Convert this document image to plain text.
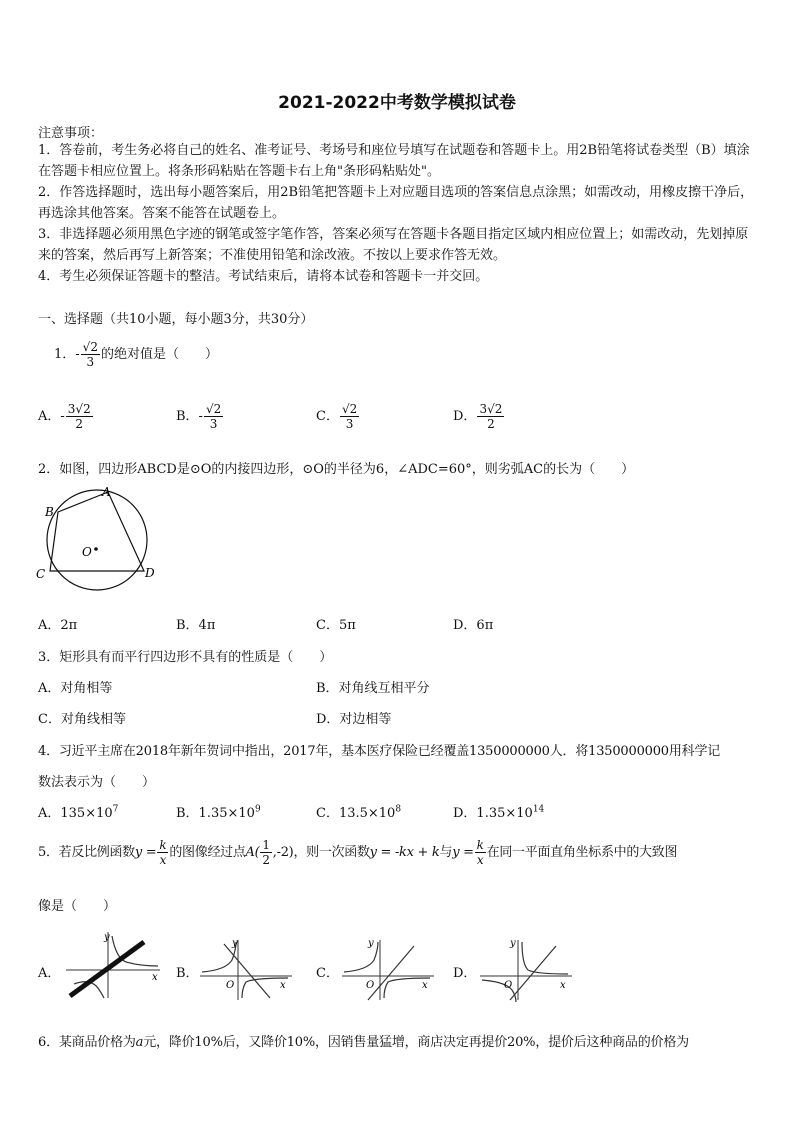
2021-2022中考数学模拟试卷
注意事项：
1．答卷前，考生务必将自己的姓名、准考证号、考场号和座位号填写在试题卷和答题卡上。用2B铅笔将试卷类型（B）填涂在答题卡相应位置上。将条形码粘贴在答题卡右上角"条形码粘贴处"。
2．作答选择题时，选出每小题答案后，用2B铅笔把答题卡上对应题目选项的答案信息点涂黑；如需改动，用橡皮擦干净后，再选涂其他答案。答案不能答在试题卷上。
3．非选择题必须用黑色字迹的钢笔或签字笔作答，答案必须写在答题卡各题目指定区域内相应位置上；如需改动，先划掉原来的答案，然后再写上新答案；不准使用铅笔和涂改液。不按以上要求作答无效。
4．考生必须保证答题卡的整洁。考试结束后，请将本试卷和答题卡一并交回。
一、选择题（共10小题，每小题3分，共30分）
1．- $\frac{√2}{3}$ 的绝对值是（　　）
A．- $\frac{3√2}{2}$	B．- $\frac{√2}{3}$	C． $\frac{√2}{3}$	D． $\frac{3√2}{2}$
2．如图，四边形ABCD是⊙O的内接四边形，⊙O的半径为6，∠ADC=60°，则劣弧AC的长为（　　）
A
B
C	D
O
A．2π	B．4π	C．5π	D．6π
3．矩形具有而平行四边形不具有的性质是（　　）
A．对角相等	B．对角线互相平分
C．对角线相等	D．对边相等
4．习近平主席在2018年新年贺词中指出，2017年，基本医疗保险已经覆盖1350000000人．将1350000000用科学记
数法表示为（　　）
A．$135\times 10^7$	B．$1.35\times 10^9$	C．$13.5\times 10^8$	D．$1.35\times 10^{14}$
5．若反比例函数$y = \frac{k}{x}$ 的图像经过点$A( \frac{1}{2} ,-2)$，则一次函数y = -kx + k与$y = \frac{k}{x}$ 在同一平面直角坐标系中的大致图
像是（　　）
A．
y
x B．
y
x
O
C．
y
x
O
D．
y
x
O
6．某商品价格为a元，降价10%后，又降价10%，因销售量猛增，商店决定再提价20%，提价后这种商品的价格为
